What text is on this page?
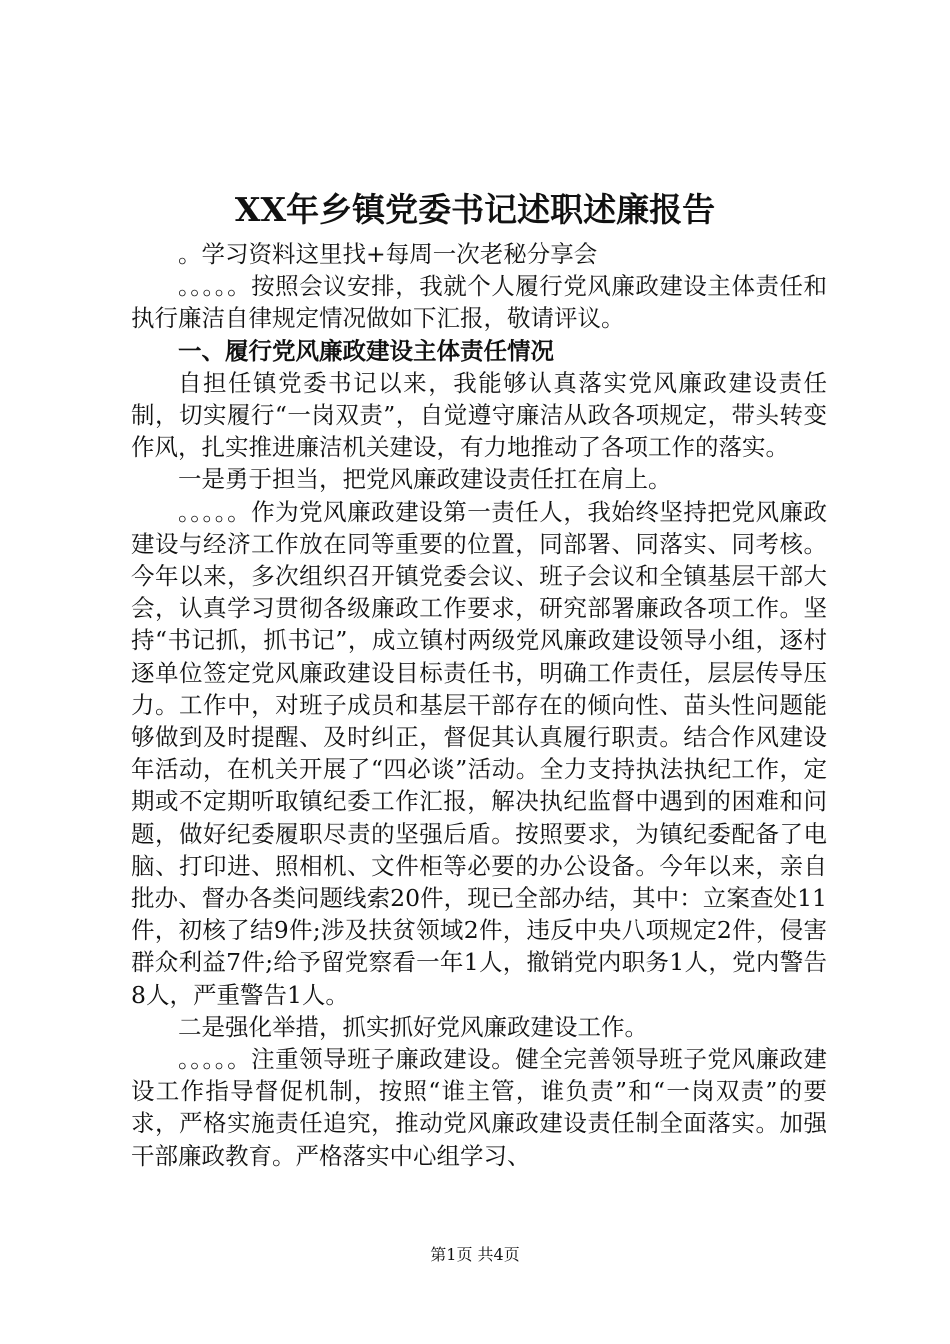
XX年乡镇党委书记述职述廉报告

。学习资料这里找+每周一次老秘分享会

。。。。。按照会议安排，我就个人履行党风廉政建设主体责任和执行廉洁自律规定情况做如下汇报，敬请评议。

一、履行党风廉政建设主体责任情况

自担任镇党委书记以来，我能够认真落实党风廉政建设责任制，切实履行“一岗双责”，自觉遵守廉洁从政各项规定，带头转变作风，扎实推进廉洁机关建设，有力地推动了各项工作的落实。

一是勇于担当，把党风廉政建设责任扛在肩上。

。。。。。作为党风廉政建设第一责任人，我始终坚持把党风廉政建设与经济工作放在同等重要的位置，同部署、同落实、同考核。今年以来，多次组织召开镇党委会议、班子会议和全镇基层干部大会，认真学习贯彻各级廉政工作要求，研究部署廉政各项工作。坚持“书记抓，抓书记”，成立镇村两级党风廉政建设领导小组，逐村逐单位签定党风廉政建设目标责任书，明确工作责任，层层传导压力。工作中，对班子成员和基层干部存在的倾向性、苗头性问题能够做到及时提醒、及时纠正，督促其认真履行职责。结合作风建设年活动，在机关开展了“四必谈”活动。全力支持执法执纪工作，定期或不定期听取镇纪委工作汇报，解决执纪监督中遇到的困难和问题，做好纪委履职尽责的坚强后盾。按照要求，为镇纪委配备了电脑、打印进、照相机、文件柜等必要的办公设备。今年以来，亲自批办、督办各类问题线索20件，现已全部办结，其中：立案查处11件，初核了结9件;涉及扶贫领域2件，违反中央八项规定2件，侵害群众利益7件;给予留党察看一年1人，撤销党内职务1人，党内警告8人，严重警告1人。

二是强化举措，抓实抓好党风廉政建设工作。

。。。。。注重领导班子廉政建设。健全完善领导班子党风廉政建设工作指导督促机制，按照“谁主管，谁负责”和“一岗双责”的要求，严格实施责任追究，推动党风廉政建设责任制全面落实。加强干部廉政教育。严格落实中心组学习、

第1页 共4页
